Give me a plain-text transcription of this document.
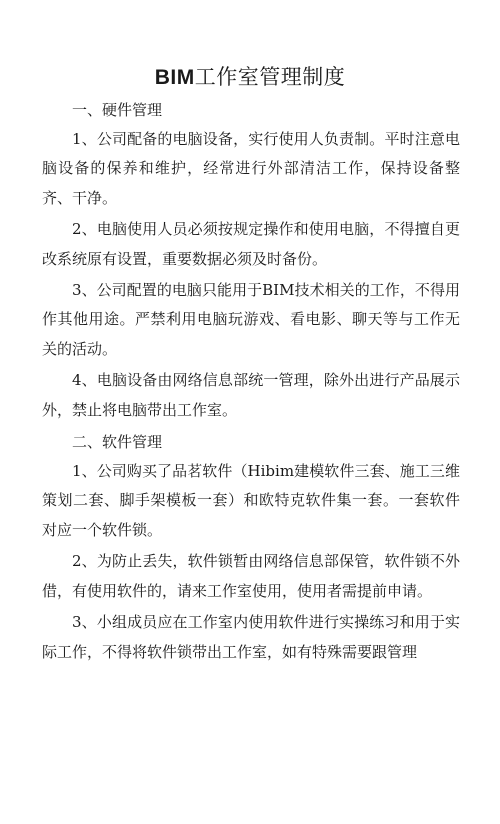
BIM工作室管理制度

一、硬件管理

1、公司配备的电脑设备，实行使用人负责制。平时注意电脑设备的保养和维护，经常进行外部清洁工作，保持设备整齐、干净。

2、电脑使用人员必须按规定操作和使用电脑，不得擅自更改系统原有设置，重要数据必须及时备份。

3、公司配置的电脑只能用于BIM技术相关的工作，不得用作其他用途。严禁利用电脑玩游戏、看电影、聊天等与工作无关的活动。

4、电脑设备由网络信息部统一管理，除外出进行产品展示外，禁止将电脑带出工作室。

二、软件管理

1、公司购买了品茗软件（Hibim建模软件三套、施工三维策划二套、脚手架模板一套）和欧特克软件集一套。一套软件对应一个软件锁。

2、为防止丢失，软件锁暂由网络信息部保管，软件锁不外借，有使用软件的，请来工作室使用，使用者需提前申请。

3、小组成员应在工作室内使用软件进行实操练习和用于实际工作，不得将软件锁带出工作室，如有特殊需要跟管理
